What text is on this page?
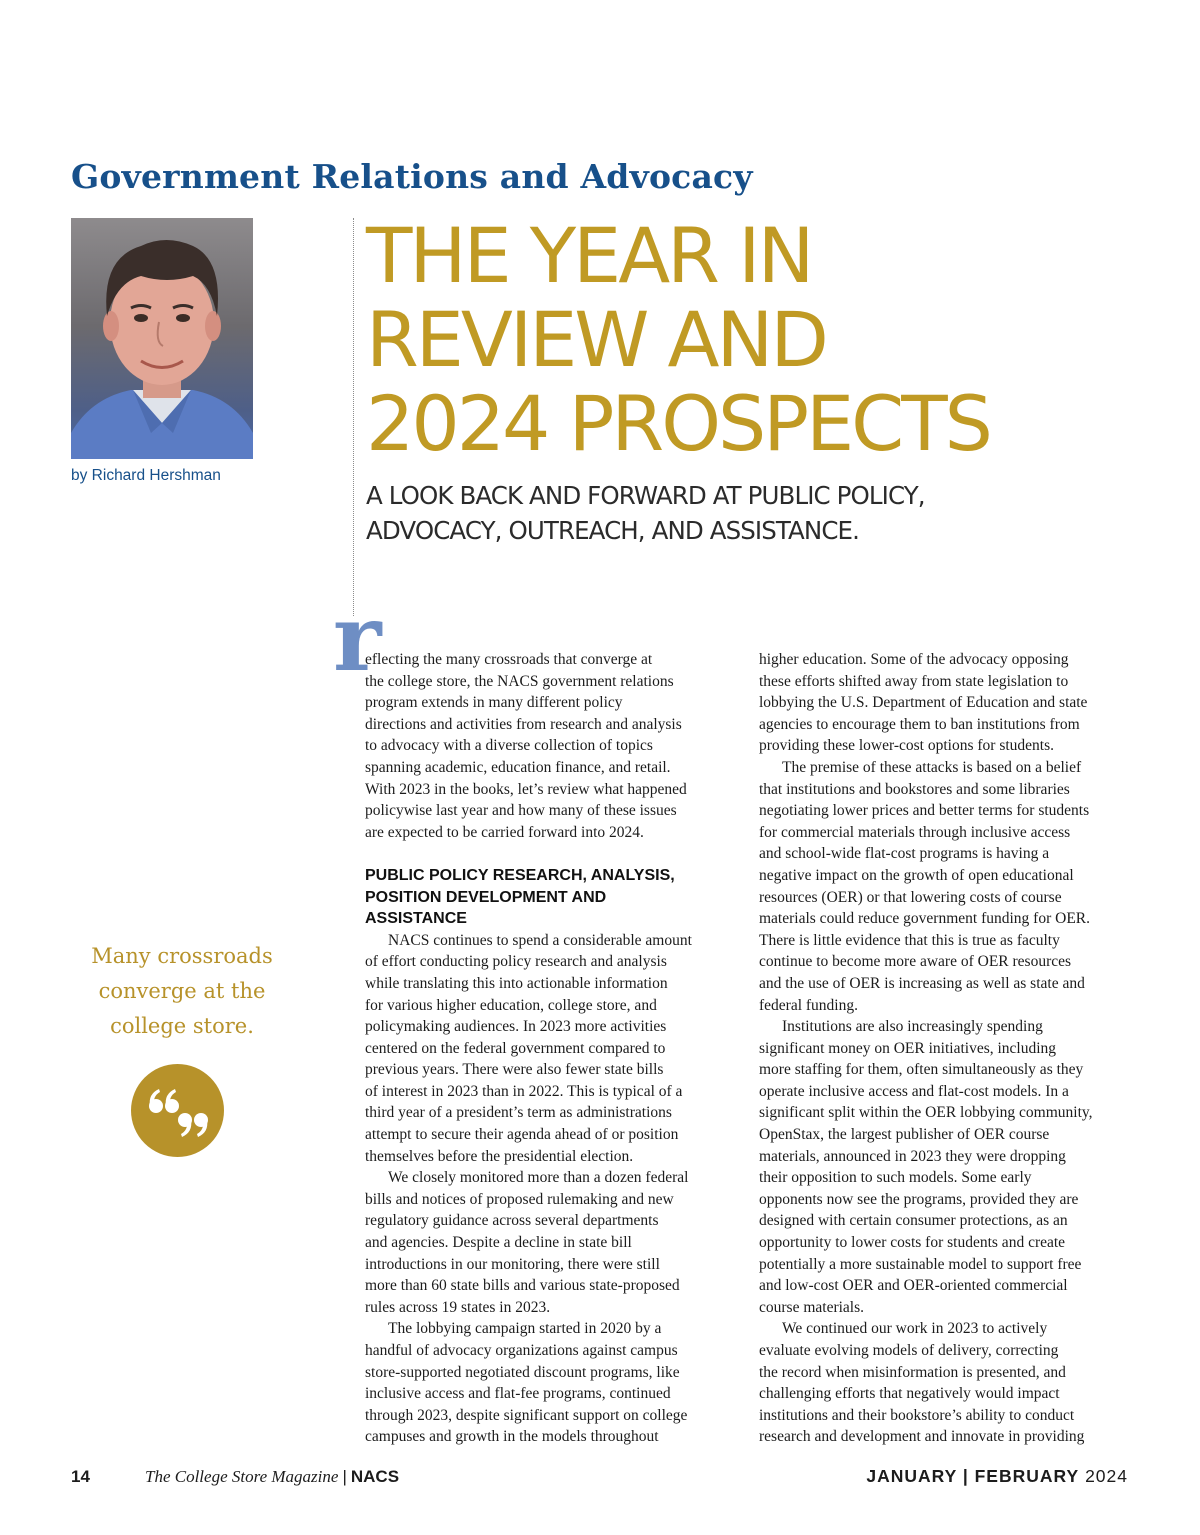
Government Relations and Advocacy

by Richard Hershman

THE YEAR IN
REVIEW AND
2024 PROSPECTS

A LOOK BACK AND FORWARD AT PUBLIC POLICY,
ADVOCACY, OUTREACH, AND ASSISTANCE.

Many crossroads
converge at the
college store.

r
eflecting the many crossroads that converge at
the college store, the NACS government relations
program extends in many different policy
directions and activities from research and analysis
to advocacy with a diverse collection of topics
spanning academic, education finance, and retail.
With 2023 in the books, let’s review what happened
policywise last year and how many of these issues
are expected to be carried forward into 2024.
PUBLIC POLICY RESEARCH, ANALYSIS,
POSITION DEVELOPMENT AND
ASSISTANCE
NACS continues to spend a considerable amount
of effort conducting policy research and analysis
while translating this into actionable information
for various higher education, college store, and
policymaking audiences. In 2023 more activities
centered on the federal government compared to
previous years. There were also fewer state bills
of interest in 2023 than in 2022. This is typical of a
third year of a president’s term as administrations
attempt to secure their agenda ahead of or position
themselves before the presidential election.
We closely monitored more than a dozen federal
bills and notices of proposed rulemaking and new
regulatory guidance across several departments
and agencies. Despite a decline in state bill
introductions in our monitoring, there were still
more than 60 state bills and various state-proposed
rules across 19 states in 2023.
The lobbying campaign started in 2020 by a
handful of advocacy organizations against campus
store-supported negotiated discount programs, like
inclusive access and flat-fee programs, continued
through 2023, despite significant support on college
campuses and growth in the models throughout
higher education. Some of the advocacy opposing
these efforts shifted away from state legislation to
lobbying the U.S. Department of Education and state
agencies to encourage them to ban institutions from
providing these lower-cost options for students.
The premise of these attacks is based on a belief
that institutions and bookstores and some libraries
negotiating lower prices and better terms for students
for commercial materials through inclusive access
and school-wide flat-cost programs is having a
negative impact on the growth of open educational
resources (OER) or that lowering costs of course
materials could reduce government funding for OER.
There is little evidence that this is true as faculty
continue to become more aware of OER resources
and the use of OER is increasing as well as state and
federal funding.
Institutions are also increasingly spending
significant money on OER initiatives, including
more staffing for them, often simultaneously as they
operate inclusive access and flat-cost models. In a
significant split within the OER lobbying community,
OpenStax, the largest publisher of OER course
materials, announced in 2023 they were dropping
their opposition to such models. Some early
opponents now see the programs, provided they are
designed with certain consumer protections, as an
opportunity to lower costs for students and create
potentially a more sustainable model to support free
and low-cost OER and OER-oriented commercial
course materials.
We continued our work in 2023 to actively
evaluate evolving models of delivery, correcting
the record when misinformation is presented, and
challenging efforts that negatively would impact
institutions and their bookstore’s ability to conduct
research and development and innovate in providing
14	The College Store Magazine | NACS	JANUARY | FEBRUARY 2024
